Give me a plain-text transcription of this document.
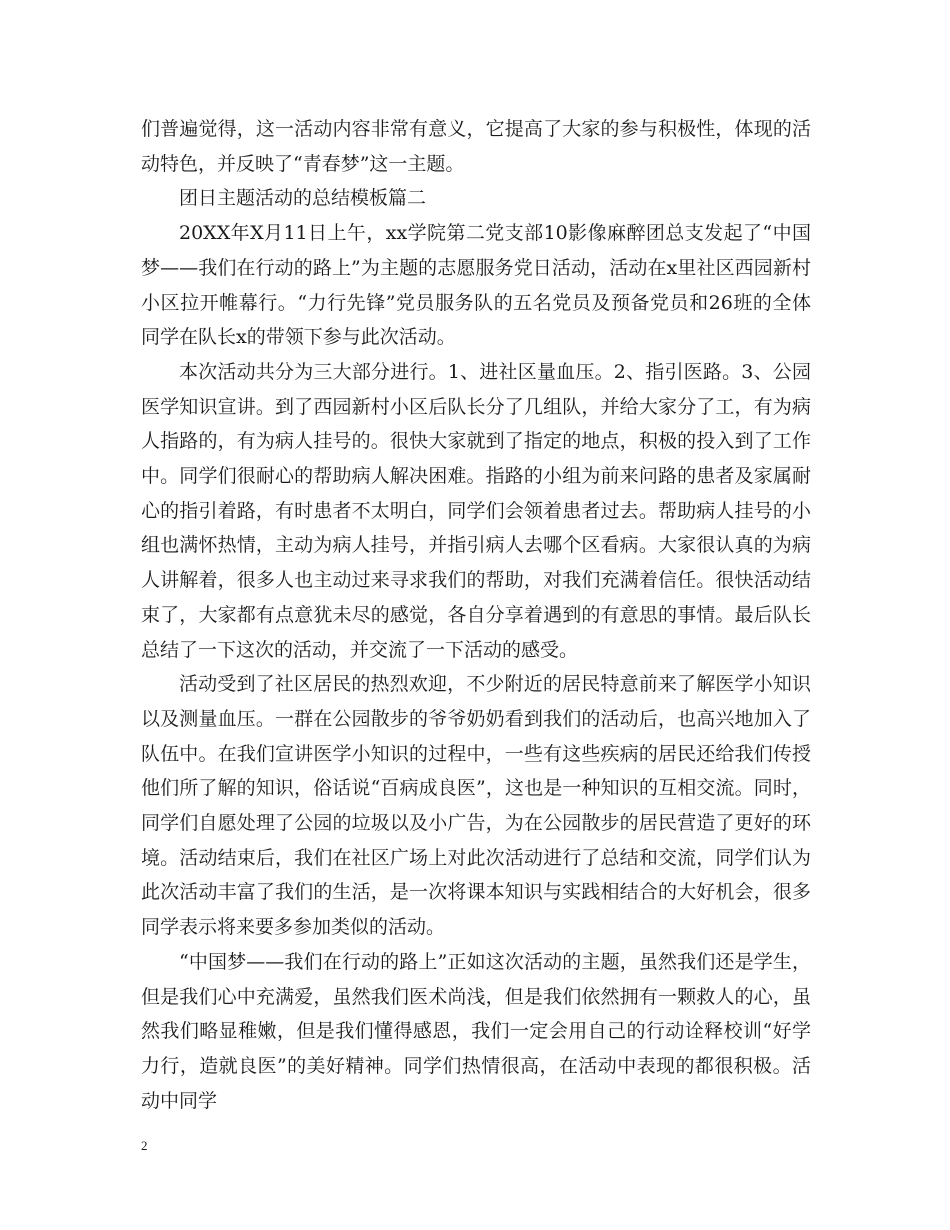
们普遍觉得，这一活动内容非常有意义，它提高了大家的参与积极性，体现的活动特色，并反映了“青春梦”这一主题。

团日主题活动的总结模板篇二

20XX年X月11日上午，xx学院第二党支部10影像麻醉团总支发起了“中国梦——我们在行动的路上”为主题的志愿服务党日活动，活动在x里社区西园新村小区拉开帷幕行。“力行先锋”党员服务队的五名党员及预备党员和26班的全体同学在队长x的带领下参与此次活动。

本次活动共分为三大部分进行。1、进社区量血压。2、指引医路。3、公园医学知识宣讲。到了西园新村小区后队长分了几组队，并给大家分了工，有为病人指路的，有为病人挂号的。很快大家就到了指定的地点，积极的投入到了工作中。同学们很耐心的帮助病人解决困难。指路的小组为前来问路的患者及家属耐心的指引着路，有时患者不太明白，同学们会领着患者过去。帮助病人挂号的小组也满怀热情，主动为病人挂号，并指引病人去哪个区看病。大家很认真的为病人讲解着，很多人也主动过来寻求我们的帮助，对我们充满着信任。很快活动结束了，大家都有点意犹未尽的感觉，各自分享着遇到的有意思的事情。最后队长总结了一下这次的活动，并交流了一下活动的感受。

活动受到了社区居民的热烈欢迎，不少附近的居民特意前来了解医学小知识以及测量血压。一群在公园散步的爷爷奶奶看到我们的活动后，也高兴地加入了队伍中。在我们宣讲医学小知识的过程中，一些有这些疾病的居民还给我们传授他们所了解的知识，俗话说“百病成良医”，这也是一种知识的互相交流。同时，同学们自愿处理了公园的垃圾以及小广告，为在公园散步的居民营造了更好的环境。活动结束后，我们在社区广场上对此次活动进行了总结和交流，同学们认为此次活动丰富了我们的生活，是一次将课本知识与实践相结合的大好机会，很多同学表示将来要多参加类似的活动。

“中国梦——我们在行动的路上”正如这次活动的主题，虽然我们还是学生，但是我们心中充满爱，虽然我们医术尚浅，但是我们依然拥有一颗救人的心，虽然我们略显稚嫩，但是我们懂得感恩，我们一定会用自己的行动诠释校训“好学力行，造就良医”的美好精神。同学们热情很高，在活动中表现的都很积极。活动中同学

2
